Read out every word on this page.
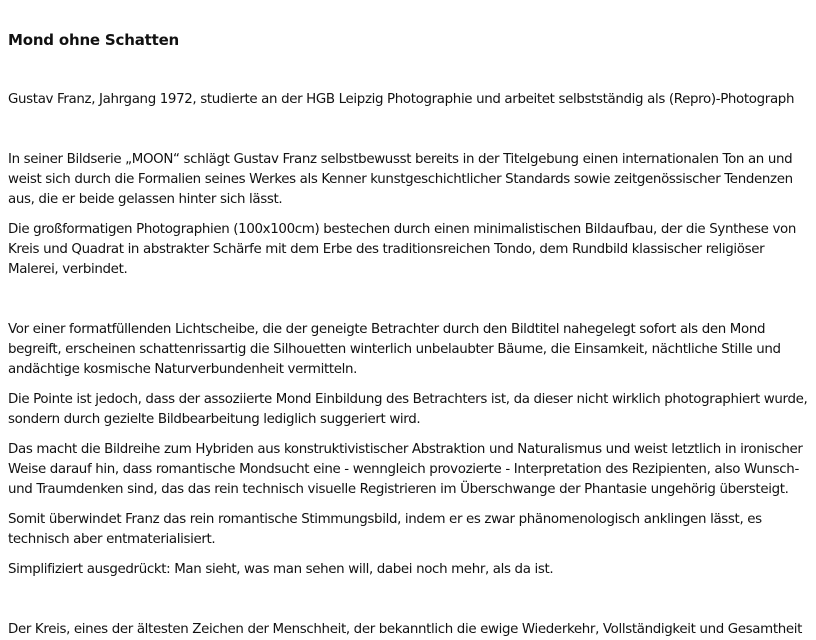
Mond ohne Schatten

Gustav Franz, Jahrgang 1972, studierte an der HGB Leipzig Photographie und arbeitet selbstständig als (Repro)-Photograph

In seiner Bildserie „MOON“ schlägt Gustav Franz selbstbewusst bereits in der Titelgebung einen internationalen Ton an und weist sich durch die Formalien seines Werkes als Kenner kunstgeschichtlicher Standards sowie zeitgenössischer Tendenzen aus, die er beide gelassen hinter sich lässt.

Die großformatigen Photographien (100x100cm) bestechen durch einen minimalistischen Bildaufbau, der die Synthese von Kreis und Quadrat in abstrakter Schärfe mit dem Erbe des traditionsreichen Tondo, dem Rundbild klassischer religiöser Malerei, verbindet.

Vor einer formatfüllenden Lichtscheibe, die der geneigte Betrachter durch den Bildtitel nahegelegt sofort als den Mond begreift, erscheinen schattenrissartig die Silhouetten winterlich unbelaubter Bäume, die Einsamkeit, nächtliche Stille und andächtige kosmische Naturverbundenheit vermitteln.

Die Pointe ist jedoch, dass der assoziierte Mond Einbildung des Betrachters ist, da dieser nicht wirklich photographiert wurde, sondern durch gezielte Bildbearbeitung lediglich suggeriert wird.

Das macht die Bildreihe zum Hybriden aus konstruktivistischer Abstraktion und Naturalismus und weist letztlich in ironischer Weise darauf hin, dass romantische Mondsucht eine - wenngleich provozierte - Interpretation des Rezipienten, also Wunsch- und Traumdenken sind, das das rein technisch visuelle Registrieren im Überschwange der Phantasie ungehörig übersteigt.

Somit überwindet Franz das rein romantische Stimmungsbild, indem er es zwar phänomenologisch anklingen lässt, es technisch aber entmaterialisiert.

Simplifiziert ausgedrückt: Man sieht, was man sehen will, dabei noch mehr, als da ist.

Der Kreis, eines der ältesten Zeichen der Menschheit, der bekanntlich die ewige Wiederkehr, Vollständigkeit und Gesamtheit
